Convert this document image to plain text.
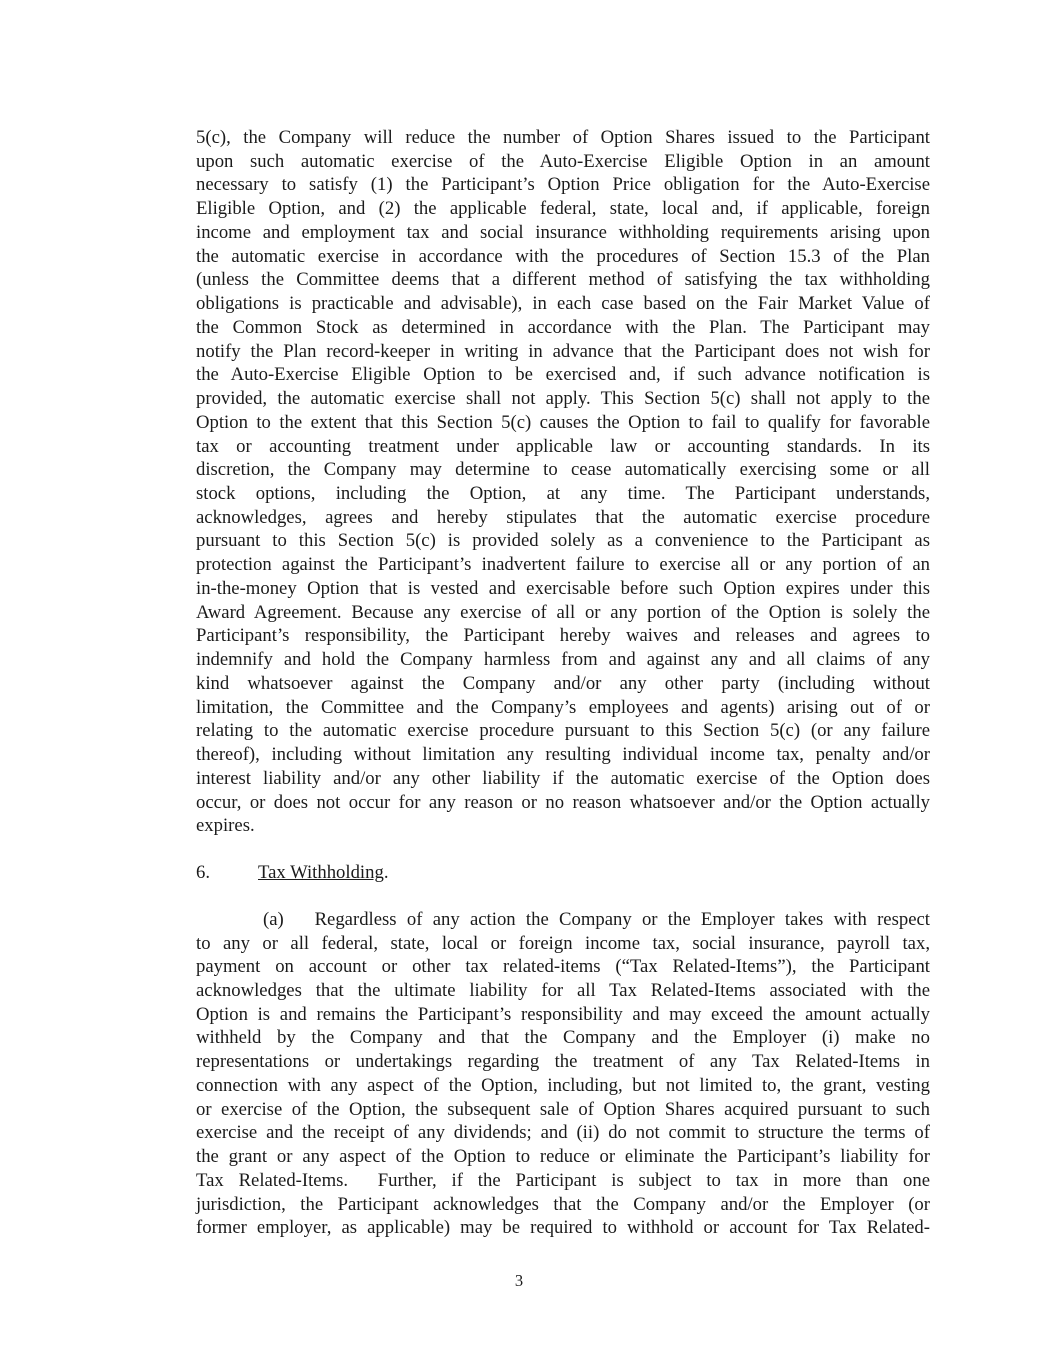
5(c), the Company will reduce the number of Option Shares issued to the Participant
upon such automatic exercise of the Auto-Exercise Eligible Option in an amount
necessary to satisfy (1) the Participant’s Option Price obligation for the Auto-Exercise
Eligible Option, and (2) the applicable federal, state, local and, if applicable, foreign
income and employment tax and social insurance withholding requirements arising upon
the automatic exercise in accordance with the procedures of Section 15.3 of the Plan
(unless the Committee deems that a different method of satisfying the tax withholding
obligations is practicable and advisable), in each case based on the Fair Market Value of
the Common Stock as determined in accordance with the Plan. The Participant may
notify the Plan record-keeper in writing in advance that the Participant does not wish for
the Auto-Exercise Eligible Option to be exercised and, if such advance notification is
provided, the automatic exercise shall not apply. This Section 5(c) shall not apply to the
Option to the extent that this Section 5(c) causes the Option to fail to qualify for favorable
tax or accounting treatment under applicable law or accounting standards. In its
discretion, the Company may determine to cease automatically exercising some or all
stock options, including the Option, at any time. The Participant understands,
acknowledges, agrees and hereby stipulates that the automatic exercise procedure
pursuant to this Section 5(c) is provided solely as a convenience to the Participant as
protection against the Participant’s inadvertent failure to exercise all or any portion of an
in-the-money Option that is vested and exercisable before such Option expires under this
Award Agreement. Because any exercise of all or any portion of the Option is solely the
Participant’s responsibility, the Participant hereby waives and releases and agrees to
indemnify and hold the Company harmless from and against any and all claims of any
kind whatsoever against the Company and/or any other party (including without
limitation, the Committee and the Company’s employees and agents) arising out of or
relating to the automatic exercise procedure pursuant to this Section 5(c) (or any failure
thereof), including without limitation any resulting individual income tax, penalty and/or
interest liability and/or any other liability if the automatic exercise of the Option does
occur, or does not occur for any reason or no reason whatsoever and/or the Option actually
expires.
6.	Tax Withholding.
(a)   Regardless of any action the Company or the Employer takes with respect
to any or all federal, state, local or foreign income tax, social insurance, payroll tax,
payment on account or other tax related-items (“Tax Related-Items”), the Participant
acknowledges that the ultimate liability for all Tax Related-Items associated with the
Option is and remains the Participant’s responsibility and may exceed the amount actually
withheld by the Company and that the Company and the Employer (i) make no
representations or undertakings regarding the treatment of any Tax Related-Items in
connection with any aspect of the Option, including, but not limited to, the grant, vesting
or exercise of the Option, the subsequent sale of Option Shares acquired pursuant to such
exercise and the receipt of any dividends; and (ii) do not commit to structure the terms of
the grant or any aspect of the Option to reduce or eliminate the Participant’s liability for
Tax Related-Items.  Further, if the Participant is subject to tax in more than one
jurisdiction, the Participant acknowledges that the Company and/or the Employer (or
former employer, as applicable) may be required to withhold or account for Tax Related-
3
